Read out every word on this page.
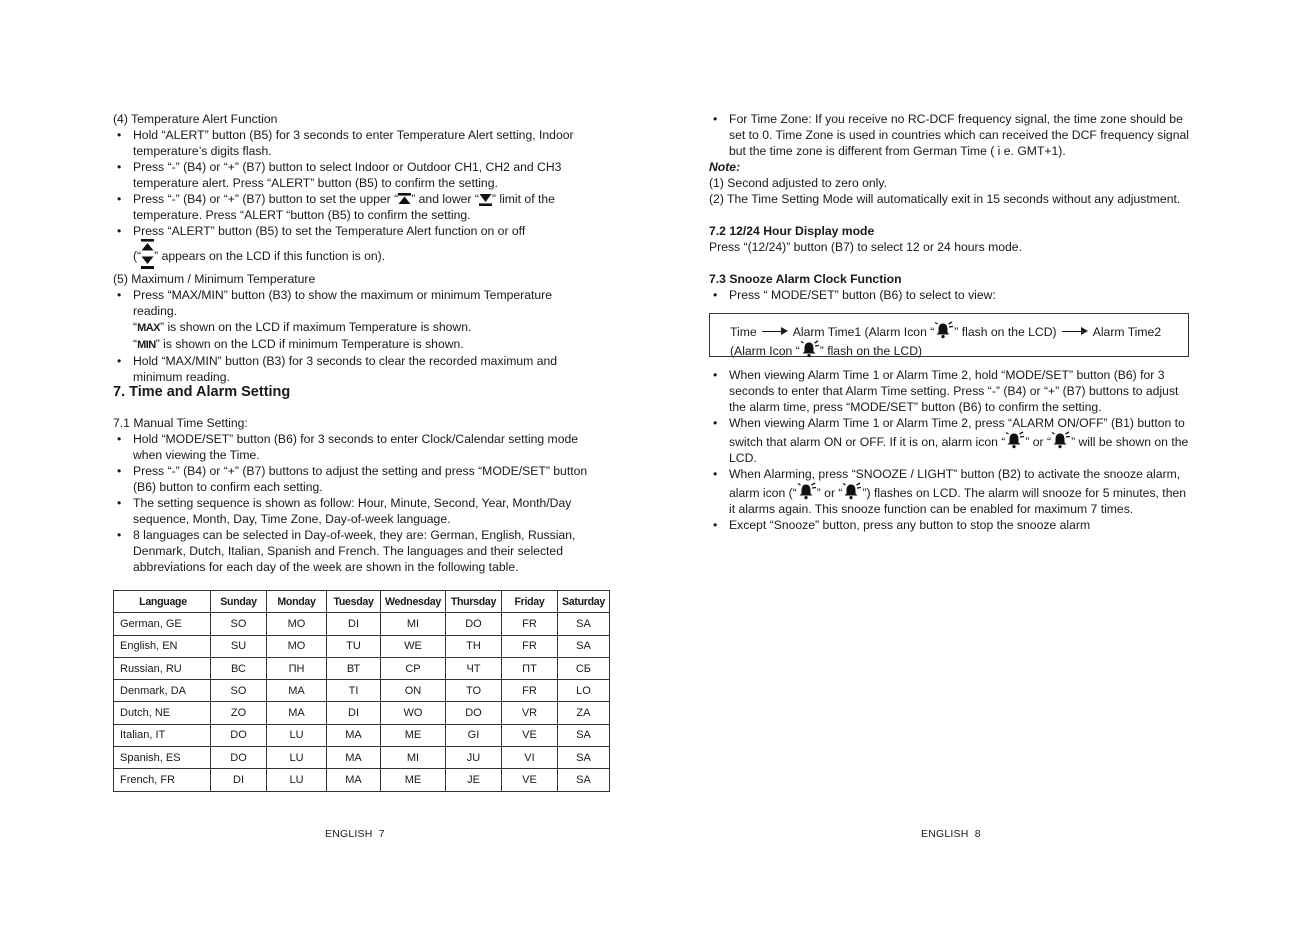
(4) Temperature Alert Function

• Hold “ALERT” button (B5) for 3 seconds to enter Temperature Alert setting, Indoor temperature’s digits flash.
• Press “-” (B4) or “+” (B7) button to select Indoor or Outdoor CH1, CH2 and CH3 temperature alert. Press “ALERT” button (B5) to confirm the setting.
• Press “-” (B4) or “+” (B7) button to set the upper “ ” and lower “ ” limit of the temperature. Press “ALERT “button (B5) to confirm the setting.
• Press “ALERT” button (B5) to set the Temperature Alert function on or off
(“ ” appears on the LCD if this function is on).

(5) Maximum / Minimum Temperature

• Press “MAX/MIN” button (B3) to show the maximum or minimum Temperature reading.
“MAX” is shown on the LCD if maximum Temperature is shown.
“MIN” is shown on the LCD if minimum Temperature is shown.
• Hold “MAX/MIN” button (B3) for 3 seconds to clear the recorded maximum and minimum reading.
7. Time and Alarm Setting

7.1 Manual Time Setting:

• Hold “MODE/SET” button (B6) for 3 seconds to enter Clock/Calendar setting mode when viewing the Time.
• Press “-” (B4) or “+” (B7) buttons to adjust the setting and press “MODE/SET” button (B6) button to confirm each setting.
• The setting sequence is shown as follow: Hour, Minute, Second, Year, Month/Day sequence, Month, Day, Time Zone, Day-of-week language.
• 8 languages can be selected in Day-of-week, they are: German, English, Russian, Denmark, Dutch, Italian, Spanish and French. The languages and their selected abbreviations for each day of the week are shown in the following table.
Language	Sunday	Monday	Tuesday	Wednesday	Thursday	Friday	Saturday
German, GE	SO	MO	DI	MI	DO	FR	SA
English, EN	SU	MO	TU	WE	TH	FR	SA
Russian, RU	ВС	ПН	ВТ	СР	ЧТ	ПТ	СБ
Denmark, DA	SO	MA	TI	ON	TO	FR	LO
Dutch, NE	ZO	MA	DI	WO	DO	VR	ZA
Italian, IT	DO	LU	MA	ME	GI	VE	SA
Spanish, ES	DO	LU	MA	MI	JU	VI	SA
French, FR	DI	LU	MA	ME	JE	VE	SA
ENGLISH  7
• For Time Zone: If you receive no RC-DCF frequency signal, the time zone should be set to 0. Time Zone is used in countries which can received the DCF frequency signal but the time zone is different from German Time ( i e. GMT+1).

Note:

(1) Second adjusted to zero only.

(2) The Time Setting Mode will automatically exit in 15 seconds without any adjustment.

7.2 12/24 Hour Display mode

Press “(12/24)” button (B7) to select 12 or 24 hours mode.

7.3 Snooze Alarm Clock Function

• Press “ MODE/SET” button (B6) to select to view:
Time	Alarm Time1 (Alarm Icon “ ” flash on the LCD)	Alarm Time2
(Alarm Icon “ ” flash on the LCD)
• When viewing Alarm Time 1 or Alarm Time 2, hold “MODE/SET” button (B6) for 3 seconds to enter that Alarm Time setting. Press “-” (B4) or “+” (B7) buttons to adjust the alarm time, press “MODE/SET” button (B6) to confirm the setting.
• When viewing Alarm Time 1 or Alarm Time 2, press “ALARM ON/OFF” (B1) button to switch that alarm ON or OFF. If it is on, alarm icon “ ” or “ ” will be shown on the LCD.
• When Alarming, press “SNOOZE / LIGHT” button (B2) to activate the snooze alarm, alarm icon (“ ” or “ ”) flashes on LCD. The alarm will snooze for 5 minutes, then it alarms again. This snooze function can be enabled for maximum 7 times.
• Except “Snooze” button, press any button to stop the snooze alarm
ENGLISH  8
